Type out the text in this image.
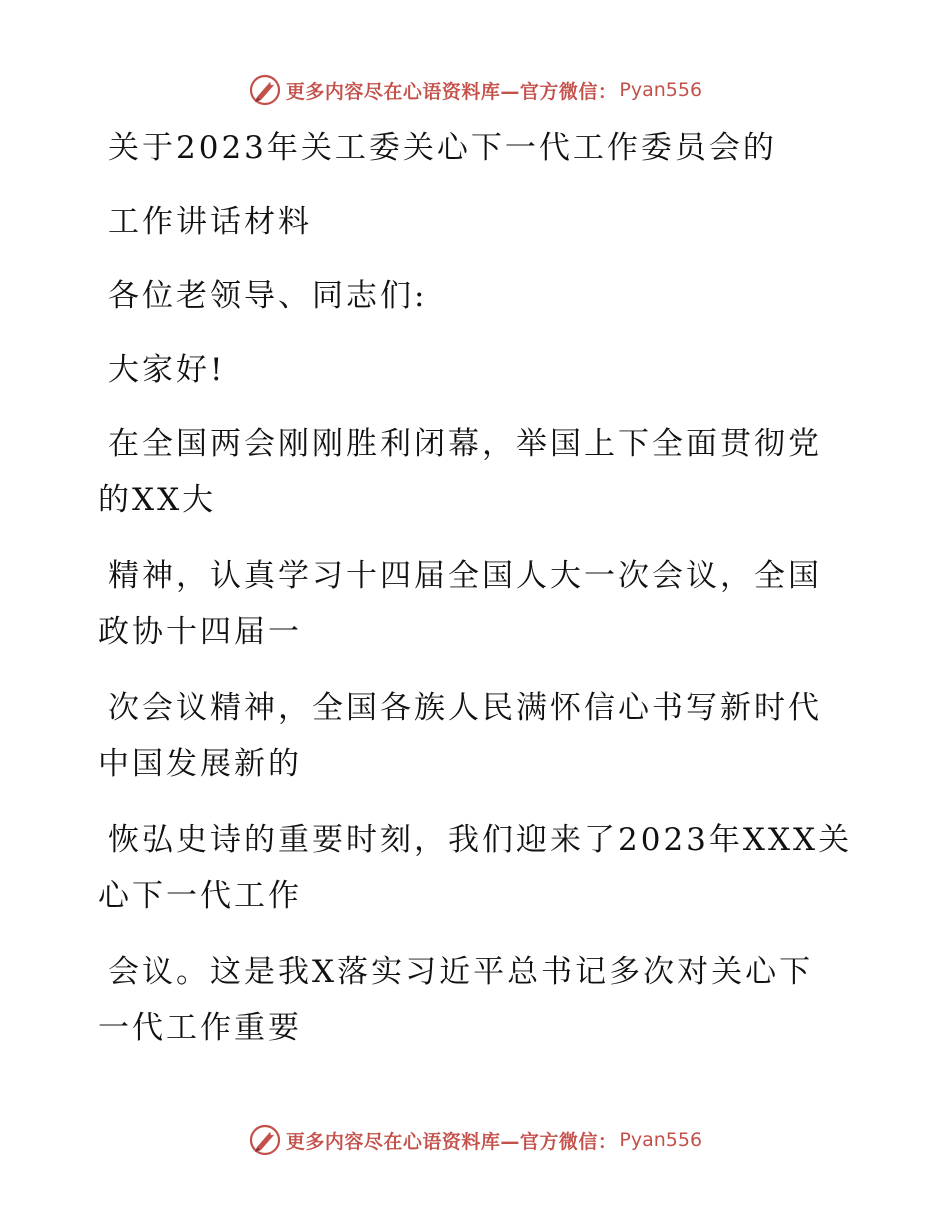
更多内容尽在心语资料库—官方微信： Pyan556
关于2023年关工委关心下一代工作委员会的
工作讲话材料
各位老领导、同志们:
大家好!
在全国两会刚刚胜利闭幕，举国上下全面贯彻党
的XX大
精神，认真学习十四届全国人大一次会议，全国
政协十四届一
次会议精神，全国各族人民满怀信心书写新时代
中国发展新的
恢弘史诗的重要时刻，我们迎来了2023年XXX关
心下一代工作
会议。这是我X落实习近平总书记多次对关心下
一代工作重要
更多内容尽在心语资料库—官方微信： Pyan556
